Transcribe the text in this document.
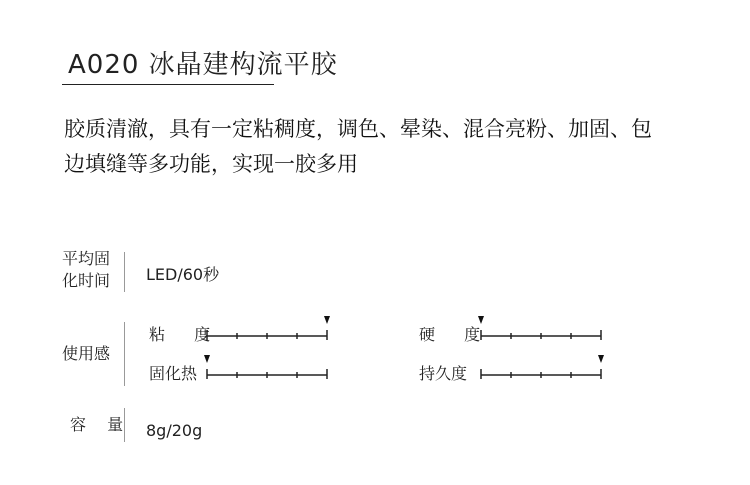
A020 冰晶建构流平胶
胶质清澈，具有一定粘稠度，调色、晕染、混合亮粉、加固、包
边填缝等多功能，实现一胶多用
平均固
化时间 LED/60秒
使用感
粘 度
固化热
硬 度
持久度
容 量 8g/20g
